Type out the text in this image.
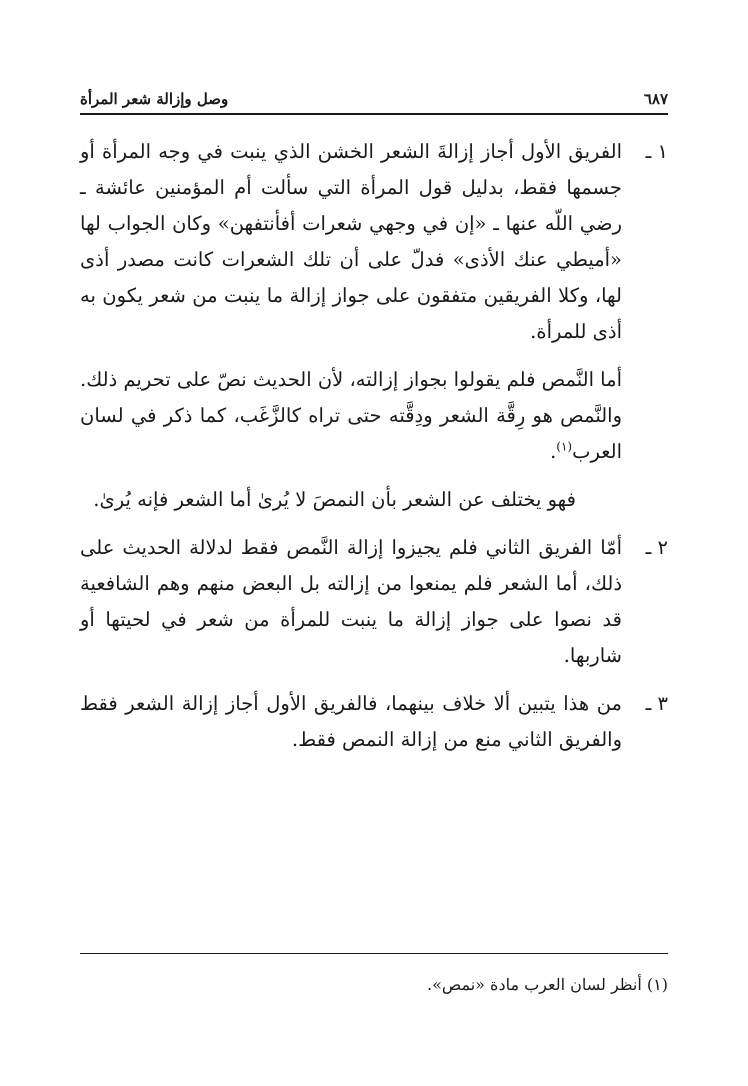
٦٨٧
وصل وإزالة شعر المرأة
١ ـ
الفريق الأول أجاز إزالةَ الشعر الخشن الذي ينبت في وجه المرأة أو جسمها فقط، بدليل قول المرأة التي سألت أم المؤمنين عائشة ـ رضي اللّه عنها ـ «إن في وجهي شعرات أفأنتفهن» وكان الجواب لها «أميطي عنك الأذى» فدلّ على أن تلك الشعرات كانت مصدر أذى لها، وكلا الفريقين متفقون على جواز إزالة ما ينبت من شعر يكون به أذى للمرأة.

أما النَّمص فلم يقولوا بجواز إزالته، لأن الحديث نصّ على تحريم ذلك. والنَّمص هو رِقَّة الشعر ودِقَّته حتى تراه كالزَّغَب، كما ذكر في لسان العرب$^{(١)}$.

فهو يختلف عن الشعر بأن النمصَ لا يُرىٰ أما الشعر فإنه يُرىٰ.

٢ ـ
أمّا الفريق الثاني فلم يجيزوا إزالة النَّمص فقط لدلالة الحديث على ذلك، أما الشعر فلم يمنعوا من إزالته بل البعض منهم وهم الشافعية قد نصوا على جواز إزالة ما ينبت للمرأة من شعر في لحيتها أو شاربها.
٣ ـ
من هذا يتبين ألا خلاف بينهما، فالفريق الأول أجاز إزالة الشعر فقط والفريق الثاني منع من إزالة النمص فقط.
(١) أنظر لسان العرب مادة «نمص».
